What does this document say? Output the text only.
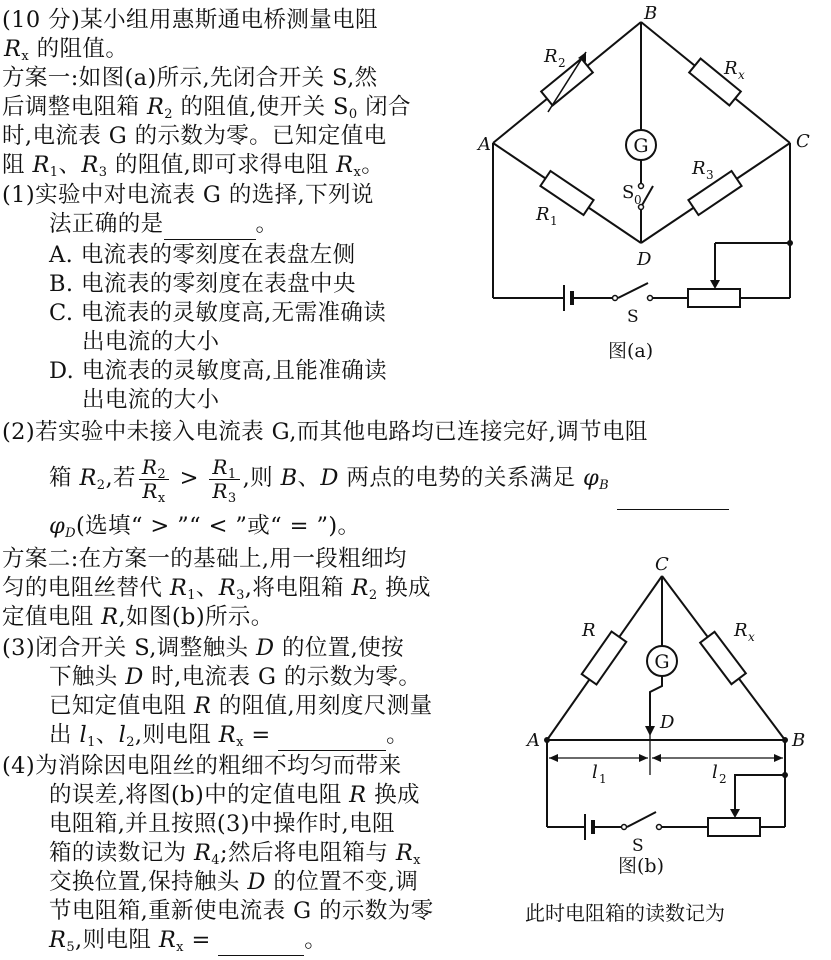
(10 分)某小组用惠斯通电桥测量电阻
$R_x$ 的阻值。
方案一:如图(a)所示,先闭合开关 S,然
后调整电阻箱 $R_2$ 的阻值,使开关 $S_0$ 闭合
时,电流表 G 的示数为零。已知定值电
阻 $R_1$、$R_3$ 的阻值,即可求得电阻 $R_x$。
(1)实验中对电流表 G 的选择,下列说
法正确的是	。
A. 电流表的零刻度在表盘左侧
B. 电流表的零刻度在表盘中央
C. 电流表的灵敏度高,无需准确读
出电流的大小
D. 电流表的灵敏度高,且能准确读
出电流的大小
(2)若实验中未接入电流表 G,而其他电路均已连接完好,调节电阻
箱 $R_2$,若 $\frac{R_2}{R_x} > \frac{R_1}{R_3}$ ,则 B、D 两点的电势的关系满足 $\varphi_B$
$\varphi_D$(选填“ > ”“ < ”或“ = ”)。
方案二:在方案一的基础上,用一段粗细均
匀的电阻丝替代 $R_1$、$R_3$,将电阻箱 $R_2$ 换成
定值电阻 R,如图(b)所示。
(3)闭合开关 S,调整触头 D 的位置,使按
下触头 D 时,电流表 G 的示数为零。
已知定值电阻 R 的阻值,用刻度尺测量
出 $l_1$、$l_2$,则电阻 $R_x$ =	。
(4)为消除因电阻丝的粗细不均匀而带来
的误差,将图(b)中的定值电阻 R 换成
电阻箱,并且按照(3)中操作时,电阻
箱的读数记为 $R_4$;然后将电阻箱与 $R_x$
交换位置,保持触头 D 的位置不变,调
节电阻箱,重新使电流表 G 的示数为零	此时电阻箱的读数记为
$R_5$,则电阻 $R_x$ =	。
G
A
B
C
D
R 2	R x
R 1
R 3
S 0
S
图(a)
G
C
A	B
D
R	R x
l 1	l 2
S
图(b)
